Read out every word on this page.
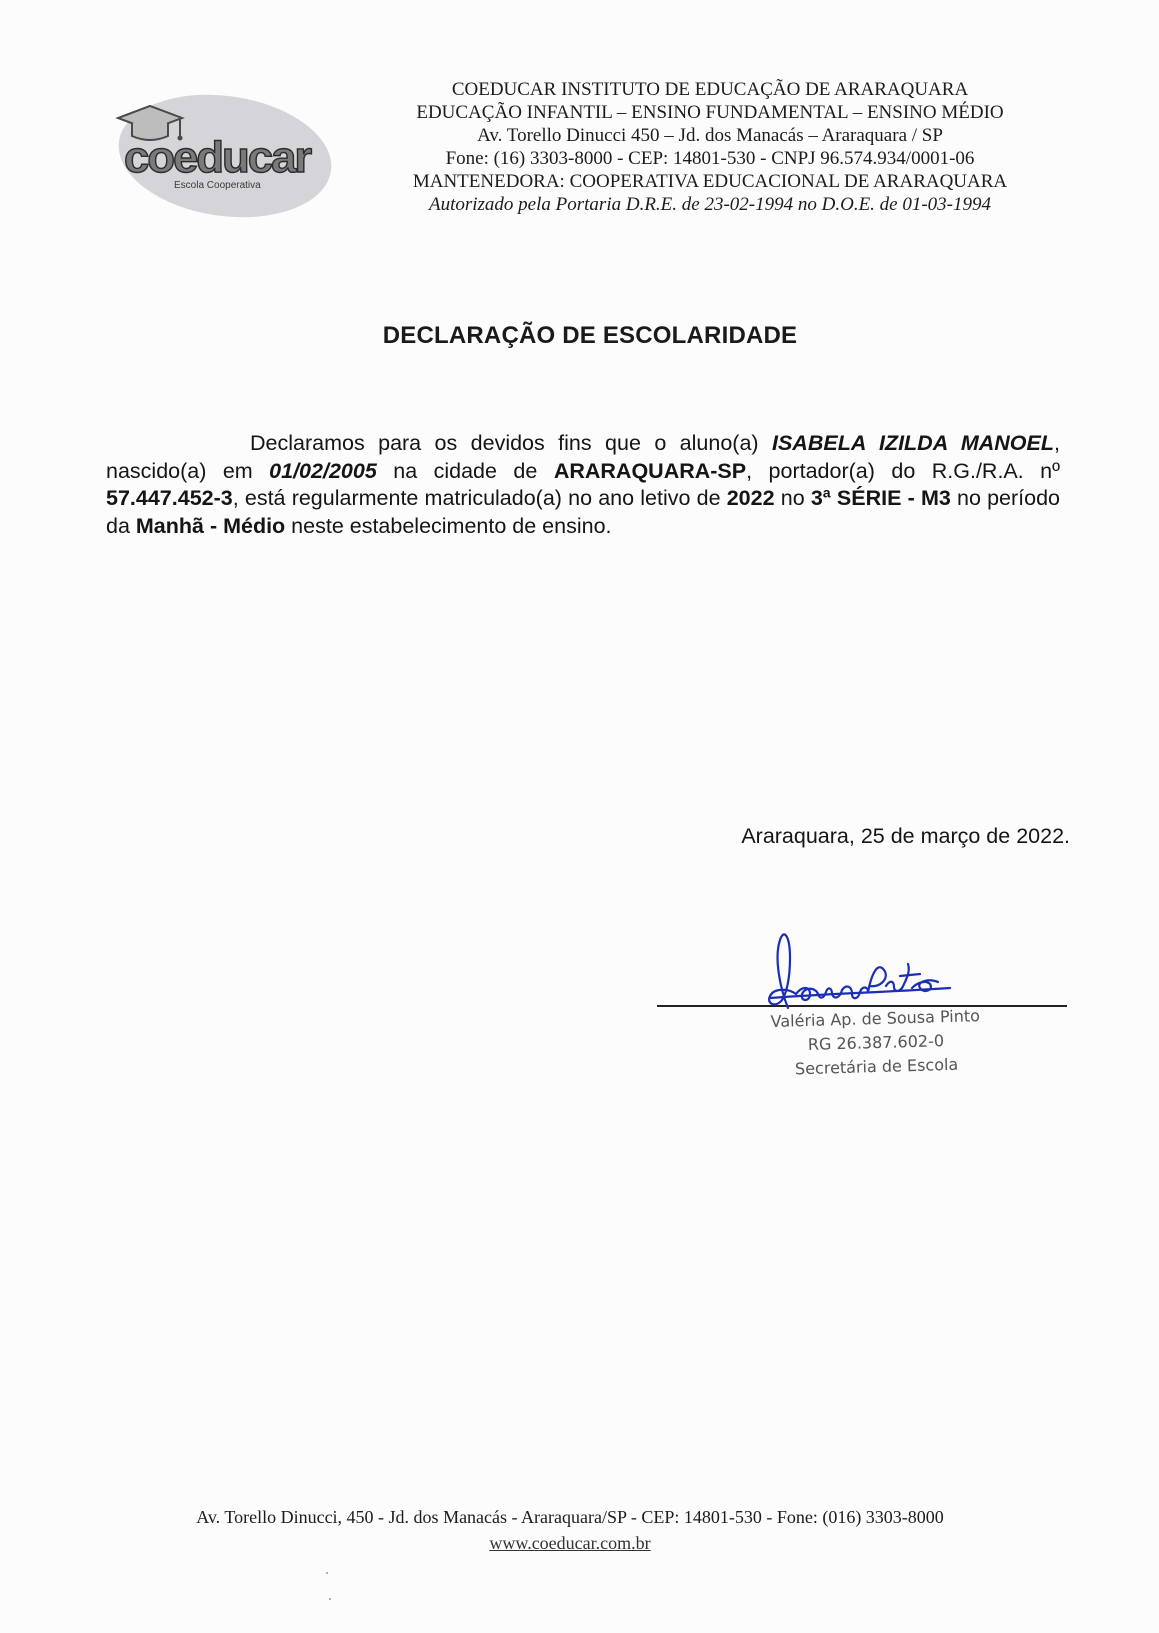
coeducar
Escola Cooperativa
COEDUCAR INSTITUTO DE EDUCAÇÃO DE ARARAQUARA
EDUCAÇÃO INFANTIL – ENSINO FUNDAMENTAL – ENSINO MÉDIO
Av. Torello Dinucci 450 – Jd. dos Manacás – Araraquara / SP
Fone: (16) 3303-8000 - CEP: 14801-530 - CNPJ 96.574.934/0001-06
MANTENEDORA: COOPERATIVA EDUCACIONAL DE ARARAQUARA
Autorizado pela Portaria D.R.E. de 23-02-1994 no D.O.E. de 01-03-1994
DECLARAÇÃO DE ESCOLARIDADE
Declaramos para os devidos fins que o aluno(a) ISABELA IZILDA MANOEL, nascido(a) em 01/02/2005 na cidade de ARARAQUARA-SP, portador(a) do R.G./R.A. nº 57.447.452-3, está regularmente matriculado(a) no ano letivo de 2022 no 3ª SÉRIE - M3 no período da Manhã - Médio neste estabelecimento de ensino.
Araraquara, 25 de março de 2022.
Valéria Ap. de Sousa Pinto
RG 26.387.602-0
Secretária de Escola
Av. Torello Dinucci, 450 - Jd. dos Manacás - Araraquara/SP - CEP: 14801-530 - Fone: (016) 3303-8000
www.coeducar.com.br
